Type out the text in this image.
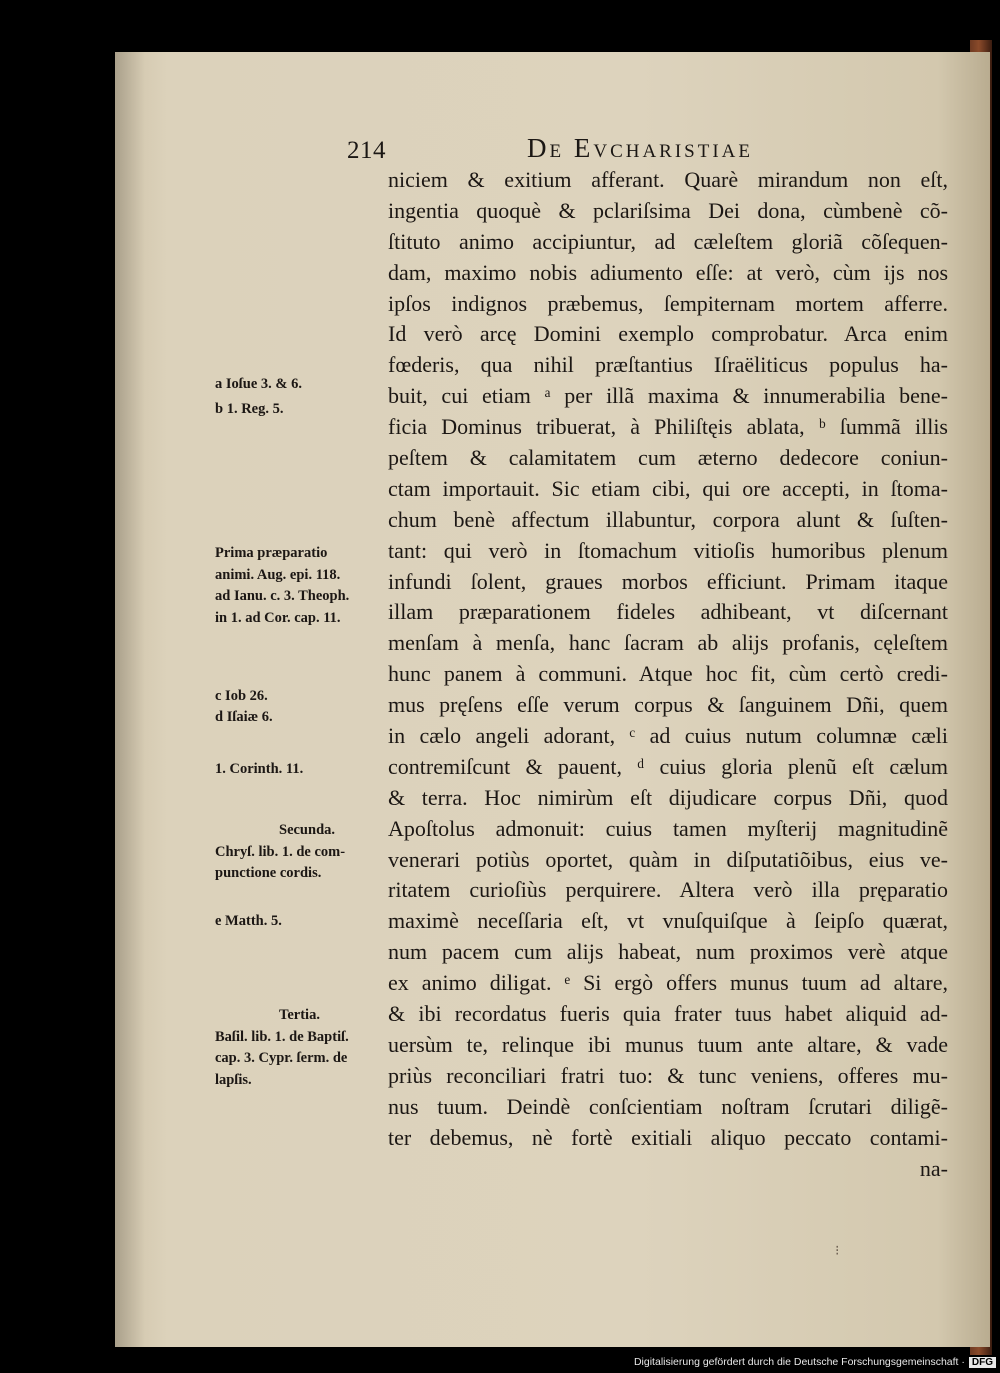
214	De Evcharistiae
niciem & exitium afferant. Quarè mirandum non eſt,
ingentia quoquè & pclariſsima Dei dona, cùmbenè cõ-
ſtituto animo accipiuntur, ad cæleſtem gloriã cõſequen-
dam, maximo nobis adiumento eſſe: at verò, cùm ijs nos
ipſos indignos præbemus, ſempiternam mortem afferre.
Id verò arcę Domini exemplo comprobatur. Arca enim
fœderis, qua nihil præſtantius Iſraëliticus populus ha-
buit, cui etiam ᵃ per illã maxima & innumerabilia bene-
ficia Dominus tribuerat, à Philiſtęis ablata, ᵇ ſummã illis
peſtem & calamitatem cum æterno dedecore coniun-
ctam importauit. Sic etiam cibi, qui ore accepti, in ſtoma-
chum benè affectum illabuntur, corpora alunt & ſuſten-
tant: qui verò in ſtomachum vitioſis humoribus plenum
infundi ſolent, graues morbos efficiunt. Primam itaque
illam præparationem fideles adhibeant, vt diſcernant
menſam à menſa, hanc ſacram ab alijs profanis, cęleſtem
hunc panem à communi. Atque hoc fit, cùm certò credi-
mus pręſens eſſe verum corpus & ſanguinem Dñi, quem
in cælo angeli adorant, ᶜ ad cuius nutum columnæ cæli
contremiſcunt & pauent, ᵈ cuius gloria plenũ eſt cælum
& terra. Hoc nimirùm eſt dijudicare corpus Dñi, quod
Apoſtolus admonuit: cuius tamen myſterij magnitudinẽ
venerari potiùs oportet, quàm in diſputatiõibus, eius ve-
ritatem curioſiùs perquirere. Altera verò illa pręparatio
maximè neceſſaria eſt, vt vnuſquiſque à ſeipſo quærat,
num pacem cum alijs habeat, num proximos verè atque
ex animo diligat. ᵉ Si ergò offers munus tuum ad altare,
& ibi recordatus fueris quia frater tuus habet aliquid ad-
uersùm te, relinque ibi munus tuum ante altare, & vade
priùs reconciliari fratri tuo: & tunc veniens, offeres mu-
nus tuum. Deindè conſcientiam noſtram ſcrutari diligẽ-
ter debemus, nè fortè exitiali aliquo peccato contami-
na-
a Ioſue 3. & 6.
b 1. Reg. 5.
Prima præparatio
animi. Aug. epi. 118.
ad Ianu. c. 3. Theoph.
in 1. ad Cor. cap. 11.
c Iob 26.
d Iſaiæ 6.
1. Corinth. 11.
Secunda.
Chryſ. lib. 1. de com-
punctione cordis.
e Matth. 5.
Tertia.
Baſil. lib. 1. de Baptiſ.
cap. 3. Cypr. ſerm. de
lapſis.
⁝
Digitalisierung gefördert durch die Deutsche Forschungsgemeinschaft · DFG
